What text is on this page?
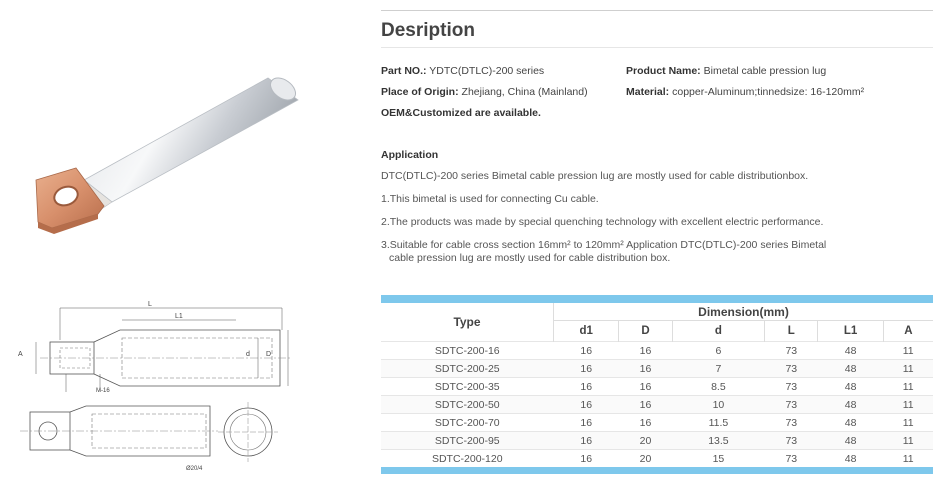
L
L1
A	d D
M-16
Ø20/4
Desription
Part NO.: YDTC(DTLC)-200 series	Product Name: Bimetal cable pression lug
Place of Origin: Zhejiang, China (Mainland)	Material: copper-Aluminum;tinnedsize: 16-120mm²
OEM&Customized are available.
Application

DTC(DTLC)-200 series Bimetal cable pression lug are mostly used for cable distributionbox.

1.This bimetal is used for connecting Cu cable.

2.The products was made by special quenching technology with excellent electric performance.

3.Suitable for cable cross section 16mm² to 120mm² Application DTC(DTLC)-200 series Bimetal
cable pression lug are mostly used for cable distribution box.

Type	Dimension(mm)					
	d1	D	d	L	L1	A
SDTC-200-16	16	16	6	73	48	11
SDTC-200-25	16	16	7	73	48	11
SDTC-200-35	16	16	8.5	73	48	11
SDTC-200-50	16	16	10	73	48	11
SDTC-200-70	16	16	11.5	73	48	11
SDTC-200-95	16	20	13.5	73	48	11
SDTC-200-120	16	20	15	73	48	11
